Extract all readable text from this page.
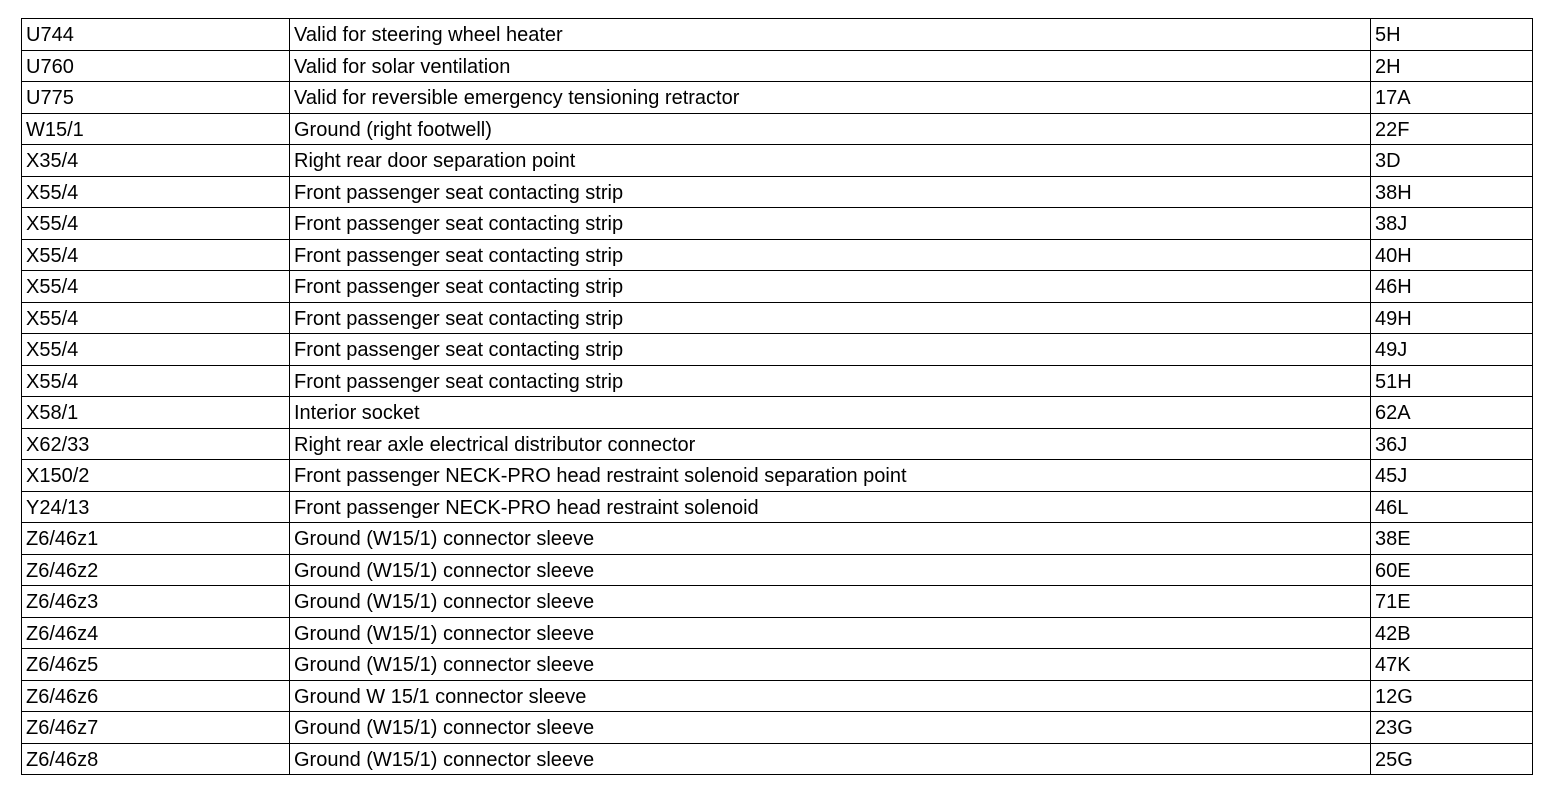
U744	Valid for steering wheel heater	5H
U760	Valid for solar ventilation	2H
U775	Valid for reversible emergency tensioning retractor	17A
W15/1	Ground (right footwell)	22F
X35/4	Right rear door separation point	3D
X55/4	Front passenger seat contacting strip	38H
X55/4	Front passenger seat contacting strip	38J
X55/4	Front passenger seat contacting strip	40H
X55/4	Front passenger seat contacting strip	46H
X55/4	Front passenger seat contacting strip	49H
X55/4	Front passenger seat contacting strip	49J
X55/4	Front passenger seat contacting strip	51H
X58/1	Interior socket	62A
X62/33	Right rear axle electrical distributor connector	36J
X150/2	Front passenger NECK-PRO head restraint solenoid separation point	45J
Y24/13	Front passenger NECK-PRO head restraint solenoid	46L
Z6/46z1	Ground (W15/1) connector sleeve	38E
Z6/46z2	Ground (W15/1) connector sleeve	60E
Z6/46z3	Ground (W15/1) connector sleeve	71E
Z6/46z4	Ground (W15/1) connector sleeve	42B
Z6/46z5	Ground (W15/1) connector sleeve	47K
Z6/46z6	Ground W 15/1 connector sleeve	12G
Z6/46z7	Ground (W15/1) connector sleeve	23G
Z6/46z8	Ground (W15/1) connector sleeve	25G
